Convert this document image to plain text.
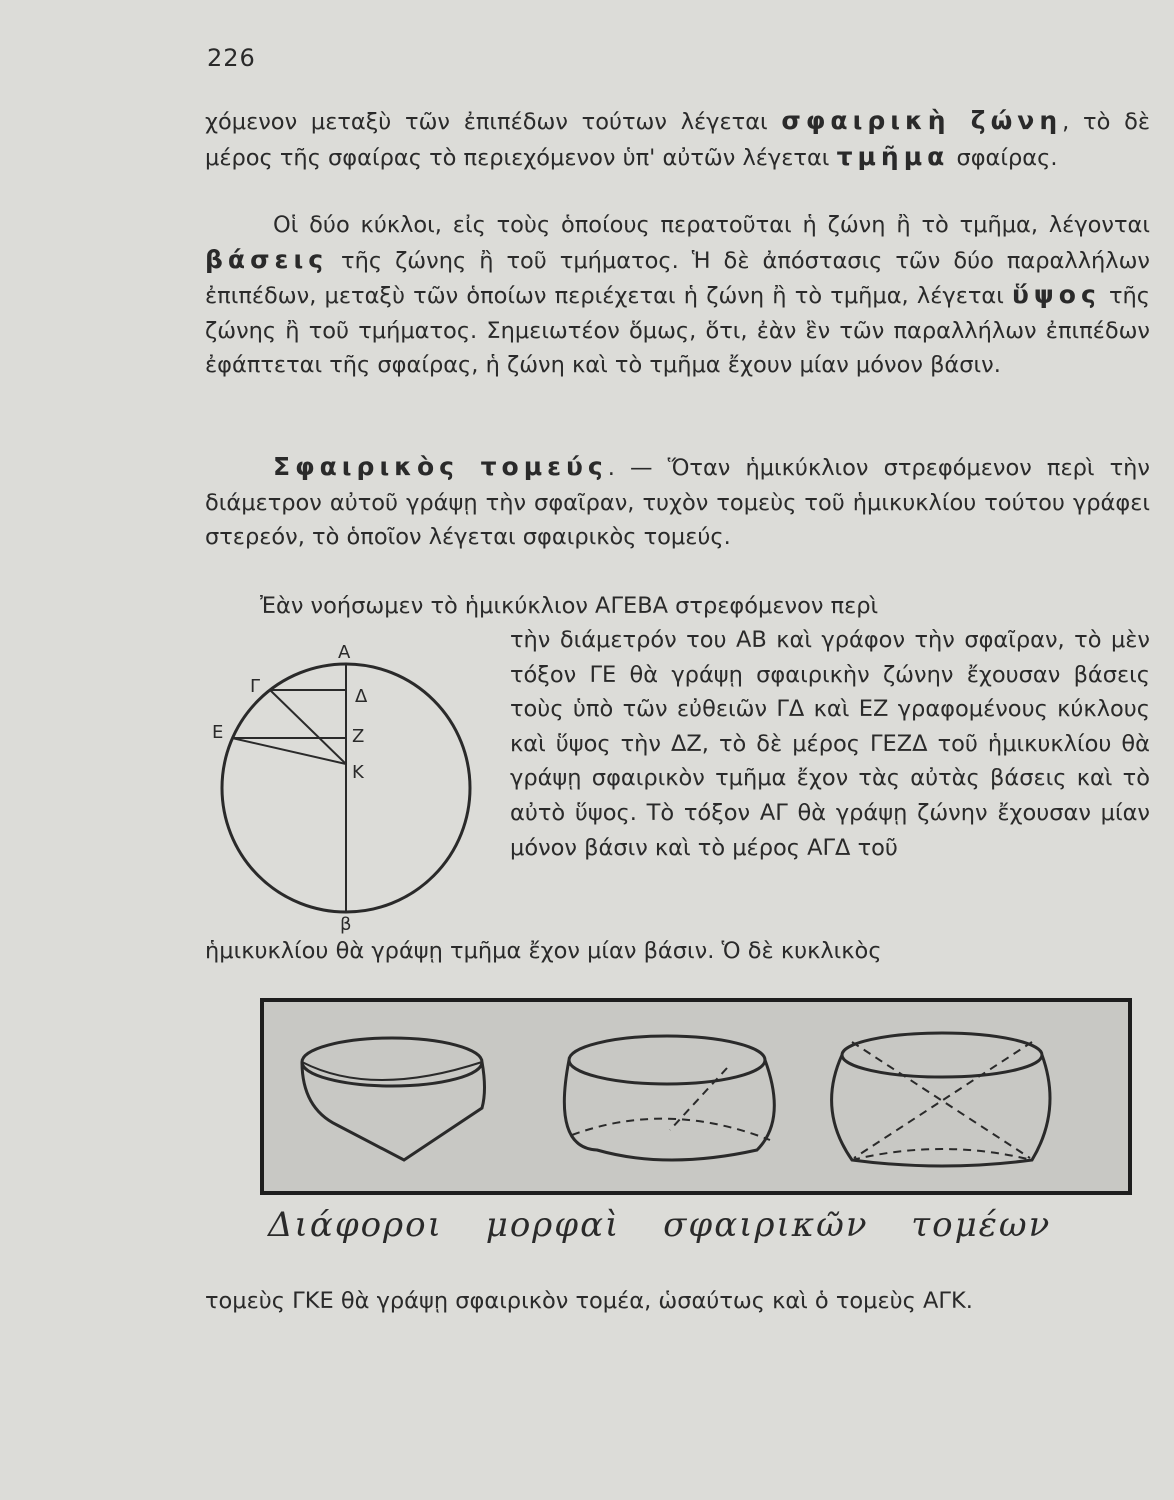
226

χόμενον μεταξὺ τῶν ἐπιπέδων τούτων λέγεται σφαιρικὴ ζώνη, τὸ δὲ μέρος τῆς σφαίρας τὸ περιεχόμενον ὑπ' αὐτῶν λέγεται τμῆμα σφαίρας.

Οἱ δύο κύκλοι, εἰς τοὺς ὁποίους περατοῦται ἡ ζώνη ἢ τὸ τμῆμα, λέγονται βάσεις τῆς ζώνης ἢ τοῦ τμήματος. Ἡ δὲ ἀπόστασις τῶν δύο παραλλήλων ἐπιπέδων, μεταξὺ τῶν ὁποίων περιέχεται ἡ ζώνη ἢ τὸ τμῆμα, λέγεται ὕψος τῆς ζώνης ἢ τοῦ τμήματος. Σημειωτέον ὅμως, ὅτι, ἐὰν ἓν τῶν παραλλήλων ἐπιπέδων ἐφάπτεται τῆς σφαίρας, ἡ ζώνη καὶ τὸ τμῆμα ἔχουν μίαν μόνον βάσιν.

Σφαιρικὸς τομεύς. — Ὅταν ἡμικύκλιον στρεφόμενον περὶ τὴν διάμετρον αὐτοῦ γράψῃ τὴν σφαῖραν, τυχὸν τομεὺς τοῦ ἡμικυκλίου τούτου γράφει στερεόν, τὸ ὁποῖον λέγεται σφαιρικὸς τομεύς.

Ἐὰν νοήσωμεν τὸ ἡμικύκλιον ΑΓΕΒΑ στρεφόμενον περὶ

Α
Γ	Δ
Ε	Ζ
Κ
β

τὴν διάμετρόν του ΑΒ καὶ γράφον τὴν σφαῖραν, τὸ μὲν τόξον ΓΕ θὰ γράψῃ σφαιρικὴν ζώνην ἔχουσαν βάσεις τοὺς ὑπὸ τῶν εὐθειῶν ΓΔ καὶ ΕΖ γραφομένους κύκλους καὶ ὕψος τὴν ΔΖ, τὸ δὲ μέρος ΓΕΖΔ τοῦ ἡμικυκλίου θὰ γράψῃ σφαιρικὸν τμῆμα ἔχον τὰς αὐτὰς βάσεις καὶ τὸ αὐτὸ ὕψος. Τὸ τόξον ΑΓ θὰ γράψῃ ζώνην ἔχουσαν μίαν μόνον βάσιν καὶ τὸ μέρος ΑΓΔ τοῦ

ἡμικυκλίου θὰ γράψῃ τμῆμα ἔχον μίαν βάσιν. Ὁ δὲ κυκλικὸς

Διάφοροι μορφαὶ σφαιρικῶν τομέων

τομεὺς ΓΚΕ θὰ γράψῃ σφαιρικὸν τομέα, ὡσαύτως καὶ ὁ τομεὺς ΑΓΚ.
